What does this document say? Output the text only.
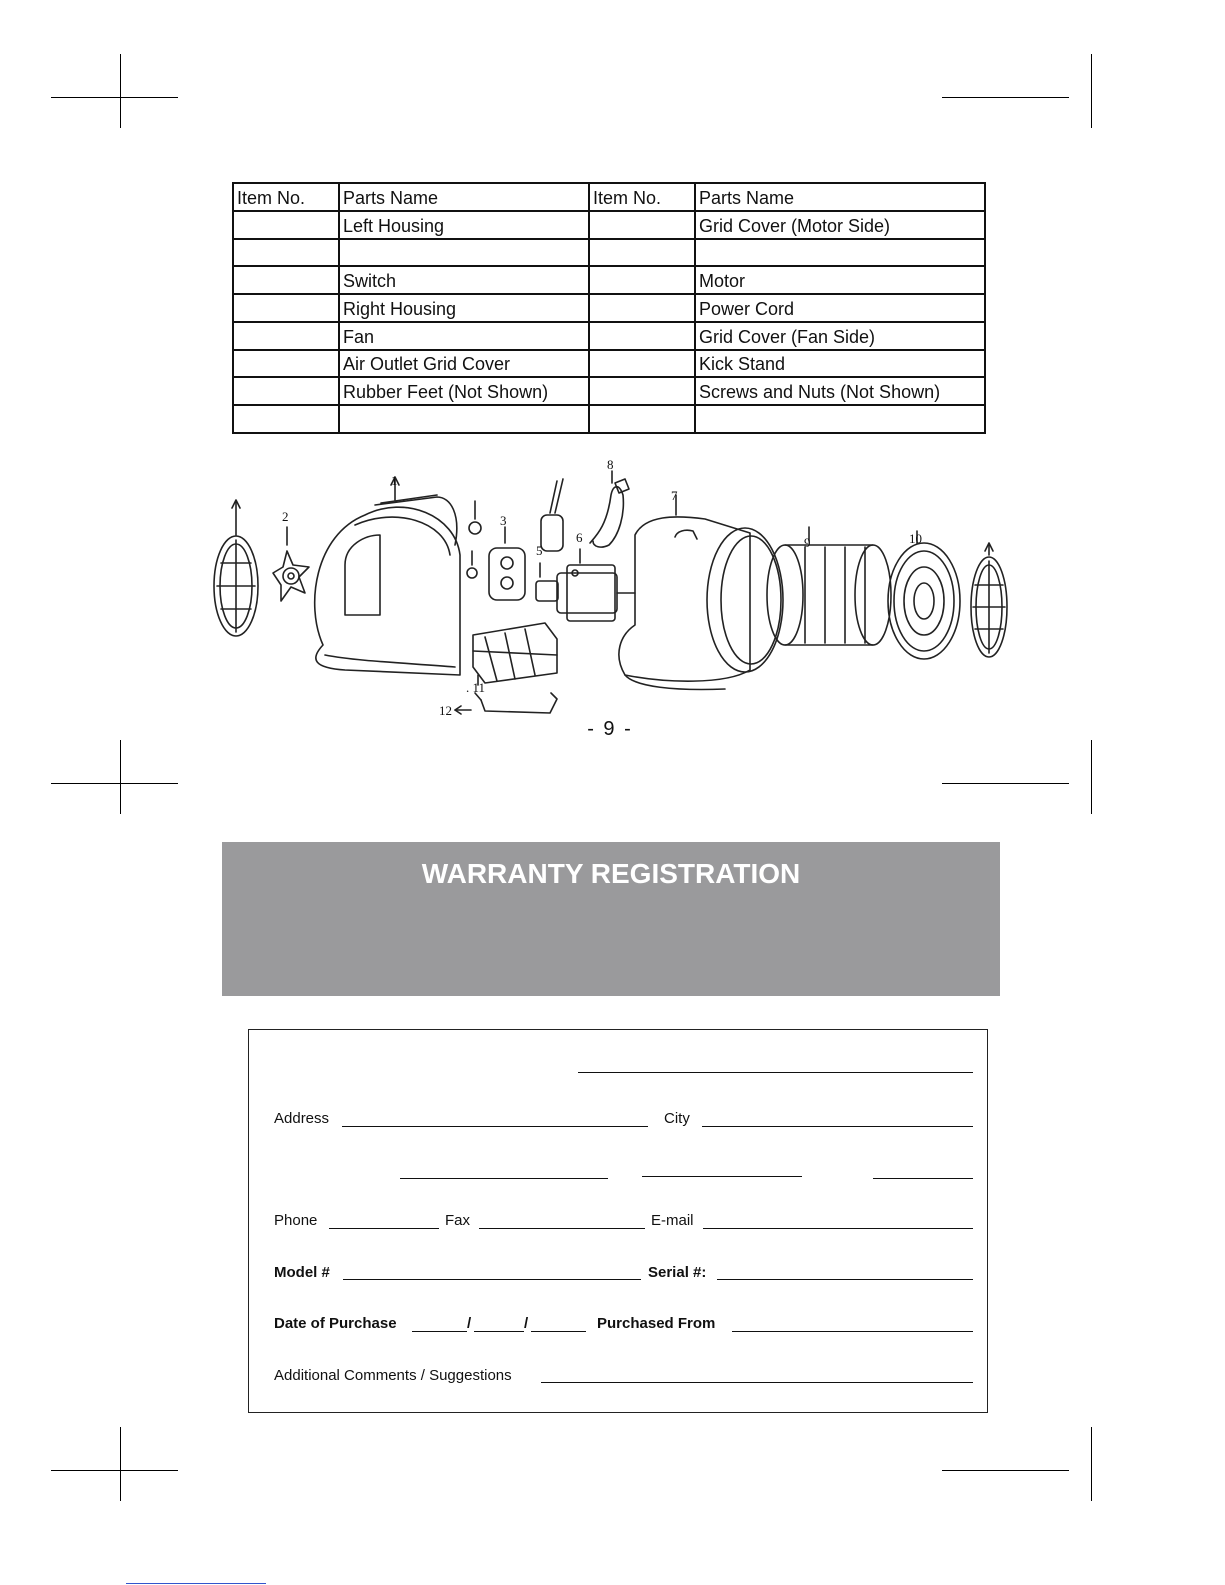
Item No.	Parts Name	Item No.	Parts Name
	Left Housing		Grid Cover (Motor Side)

	Switch		Motor
	Right Housing		Power Cord
	Fan		Grid Cover (Fan Side)
	Air Outlet Grid Cover		Kick Stand
	Rubber Feet (Not Shown)		Screws and Nuts (Not Shown)

1
2	3
5
6
7
8
9	10
. 11
12
- 9 -
WARRANTY REGISTRATION
Address	City
Phone	Fax	E-mail
Model #	Serial #:
Date of Purchase	/	/	Purchased From
Additional Comments / Suggestions
